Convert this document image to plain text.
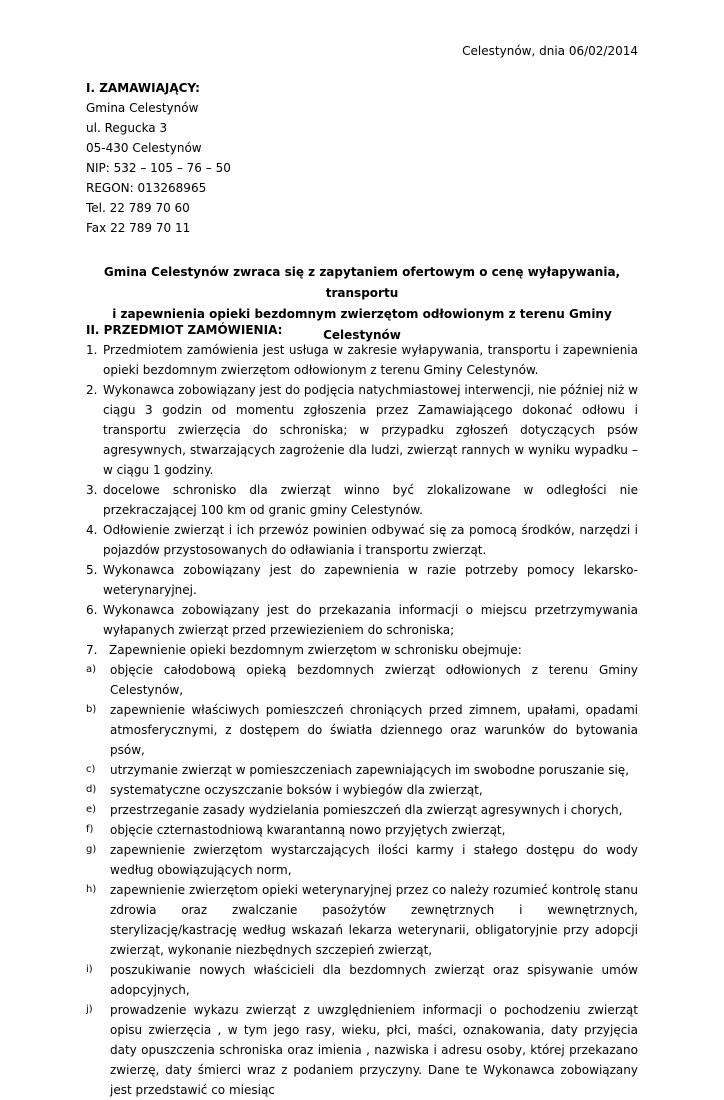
Celestynów, dnia 06/02/2014
I. ZAMAWIAJĄCY:
Gmina Celestynów
ul. Regucka 3
05-430 Celestynów
NIP: 532 – 105 – 76 – 50
REGON: 013268965
Tel. 22 789 70 60
Fax 22 789 70 11
Gmina Celestynów zwraca się z zapytaniem ofertowym o cenę wyłapywania, transportu
i zapewnienia opieki bezdomnym zwierzętom odłowionym z terenu Gminy Celestynów
II. PRZEDMIOT ZAMÓWIENIA:
1. Przedmiotem zamówienia jest usługa w zakresie wyłapywania, transportu i zapewnienia opieki bezdomnym zwierzętom odłowionym z terenu Gminy Celestynów.
2. Wykonawca zobowiązany jest do podjęcia natychmiastowej interwencji, nie później niż w ciągu 3 godzin od momentu zgłoszenia przez Zamawiającego dokonać odłowu i transportu zwierzęcia do schroniska; w przypadku zgłoszeń dotyczących psów agresywnych, stwarzających zagrożenie dla ludzi, zwierząt rannych w wyniku wypadku – w ciągu 1 godziny.
3. docelowe schronisko dla zwierząt winno być zlokalizowane w odległości nie przekraczającej 100 km od granic gminy Celestynów.
4. Odłowienie zwierząt i ich przewóz powinien odbywać się za pomocą środków, narzędzi i pojazdów przystosowanych do odławiania i transportu zwierząt.
5. Wykonawca zobowiązany jest do zapewnienia w razie potrzeby pomocy lekarsko-weterynaryjnej.
6. Wykonawca zobowiązany jest do przekazania informacji o miejscu przetrzymywania wyłapanych zwierząt przed przewiezieniem do schroniska;
7. Zapewnienie opieki bezdomnym zwierzętom w schronisku obejmuje:
a) objęcie całodobową opieką bezdomnych zwierząt odłowionych z terenu Gminy Celestynów,
b) zapewnienie właściwych pomieszczeń chroniących przed zimnem, upałami, opadami atmosferycznymi, z dostępem do światła dziennego oraz warunków do bytowania psów,
c) utrzymanie zwierząt w pomieszczeniach zapewniających im swobodne poruszanie się,
d) systematyczne oczyszczanie boksów i wybiegów dla zwierząt,
e) przestrzeganie zasady wydzielania pomieszczeń dla zwierząt agresywnych i chorych,
f) objęcie czternastodniową kwarantanną nowo przyjętych zwierząt,
g) zapewnienie zwierzętom wystarczających ilości karmy i stałego dostępu do wody według obowiązujących norm,
h) zapewnienie zwierzętom opieki weterynaryjnej przez co należy rozumieć kontrolę stanu zdrowia oraz zwalczanie pasożytów zewnętrznych i wewnętrznych, sterylizację/kastrację według wskazań lekarza weterynarii, obligatoryjnie przy adopcji zwierząt, wykonanie niezbędnych szczepień zwierząt,
i) poszukiwanie nowych właścicieli dla bezdomnych zwierząt oraz spisywanie umów adopcyjnych,
j) prowadzenie wykazu zwierząt z uwzględnieniem informacji o pochodzeniu zwierząt opisu zwierzęcia , w tym jego rasy, wieku, płci, maści, oznakowania, daty przyjęcia daty opuszczenia schroniska oraz imienia , nazwiska i adresu osoby, której przekazano zwierzę, daty śmierci wraz z podaniem przyczyny. Dane te Wykonawca zobowiązany jest przedstawić co miesiąc
